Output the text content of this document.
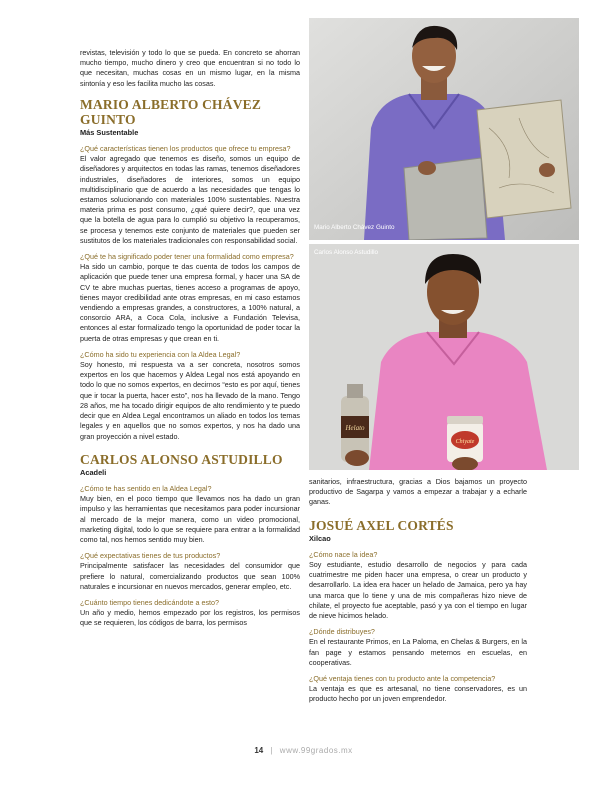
revistas, televisión y todo lo que se pueda. En concreto se ahorran mucho tiempo, mucho dinero y creo que encuentran si no todo lo que necesitan, muchas cosas en un mismo lugar, en la misma sintonía y eso les facilita mucho las cosas.

MARIO ALBERTO CHÁVEZ GUINTO
Más Sustentable
¿Qué características tienen los productos que ofrece tu empresa?

El valor agregado que tenemos es diseño, somos un equipo de diseñadores y arquitectos en todas las ramas, tenemos diseñadores industriales, diseñadores de interiores, somos un equipo multidisciplinario que de acuerdo a las necesidades que tengas lo estamos solucionando con materiales 100% sustentables. Nuestra materia prima es post consumo, ¿qué quiere decir?, que una vez que la botella de agua para lo cumplió su objetivo la recuperamos, se procesa y tenemos este conjunto de materiales que pueden ser sustitutos de los materiales tradicionales con responsabilidad social.

¿Qué te ha significado poder tener una formalidad como empresa?

Ha sido un cambio, porque te das cuenta de todos los campos de aplicación que puede tener una empresa formal, y hacer una SA de CV te abre muchas puertas, tienes acceso a programas de apoyo, tienes mayor credibilidad ante otras empresas, en mi caso estamos vendiendo a empresas grandes, a constructores, a 100% natural, a consorcio ARA, a Coca Cola, inclusive a Fundación Televisa, entonces al estar formalizado tengo la oportunidad de poder tocar la puerta de otras empresas y que crean en ti.

¿Cómo ha sido tu experiencia con la Aldea Legal?

Soy honesto, mi respuesta va a ser concreta, nosotros somos expertos en los que hacemos y Aldea Legal nos está apoyando en todo lo que no somos expertos, en decirnos “esto es por aquí, tienes que ir tocar la puerta, hacer esto”, nos ha llevado de la mano. Tengo 28 años, me ha tocado dirigir equipos de alto rendimiento y te puedo decir que en Aldea Legal encontramos un aliado en todos los temas legales y en aquellos que no somos expertos, y nos ha dado una gran proyección a nivel estado.

CARLOS ALONSO ASTUDILLO
Acadeli
¿Cómo te has sentido en la Aldea Legal?

Muy bien, en el poco tiempo que llevamos nos ha dado un gran impulso y las herramientas que necesitamos para poder incursionar al mercado de la mejor manera, como un video promocional, marketing digital, todo lo que se requiere para entrar a la formalidad como tal, nos hemos sentido muy bien.

¿Qué expectativas tienes de tus productos?

Principalmente satisfacer las necesidades del consumidor que prefiere lo natural, comercializando productos que sean 100% naturales e incursionar en nuevos mercados, generar empleo, etc.

¿Cuánto tiempo tienes dedicándote a esto?

Un año y medio, hemos empezado por los registros, los permisos que se requieren, los códigos de barra, los permisos

Mario Alberto Chávez Guinto
Helato
Chiyate
Carlos Alonso Astudillo

sanitarios, infraestructura, gracias a Dios bajamos un proyecto productivo de Sagarpa y vamos a empezar a trabajar y a echarle ganas.

JOSUÉ AXEL CORTÉS
Xilcao
¿Cómo nace la idea?

Soy estudiante, estudio desarrollo de negocios y para cada cuatrimestre me piden hacer una empresa, o crear un producto y desarrollarlo. La idea era hacer un helado de Jamaica, pero ya hay una marca que lo tiene y una de mis compañeras hizo nieve de chilate, el proyecto fue aceptable, pasó y ya con el tiempo en lugar de nieve hicimos helado.

¿Dónde distribuyes?

En el restaurante Primos, en La Paloma, en Chelas & Burgers, en la fan page y estamos pensando meternos en escuelas, en cooperativas.

¿Qué ventaja tienes con tu producto ante la competencia?

La ventaja es que es artesanal, no tiene conservadores, es un producto hecho por un joven emprendedor.

14 | www.99grados.mx
